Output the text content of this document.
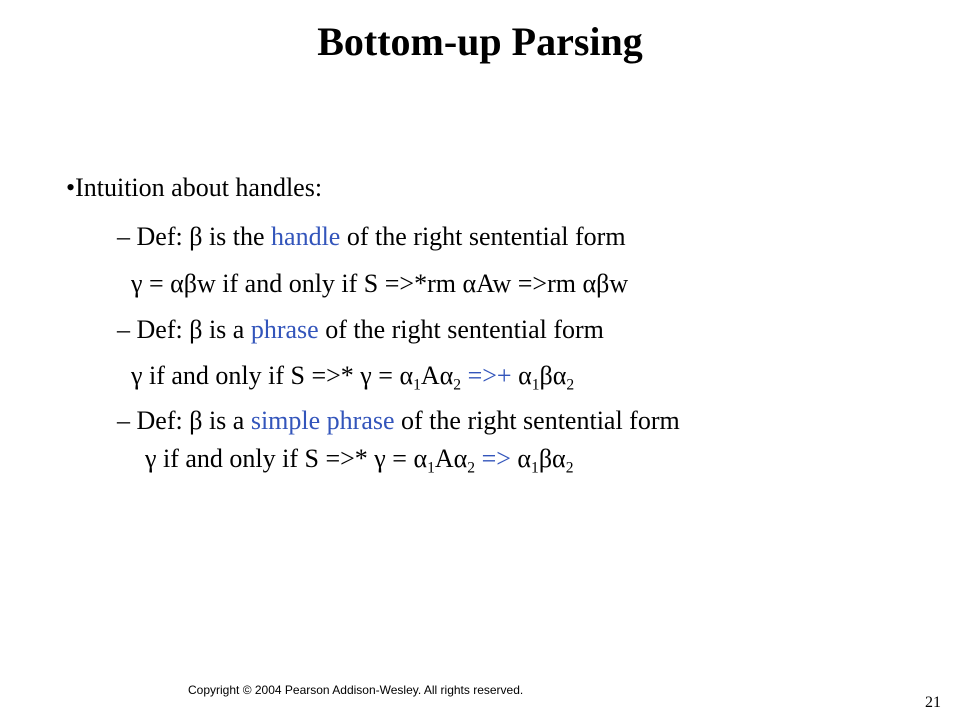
Bottom-up Parsing
•Intuition about handles:
– Def: β is the handle of the right sentential form
γ = αβw if and only if S =>*rm αAw =>rm αβw
– Def: β is a phrase of the right sentential form
γ if and only if S =>* $\gamma = \alpha_1A\alpha_2$ =>+ $\alpha_1\beta\alpha_2$
– Def: β is a simple phrase of the right sentential form
γ if and only if S =>* $\gamma = \alpha_1A\alpha_2 => \alpha_1\beta\alpha_2$
Copyright © 2004 Pearson Addison-Wesley. All rights reserved.
21
